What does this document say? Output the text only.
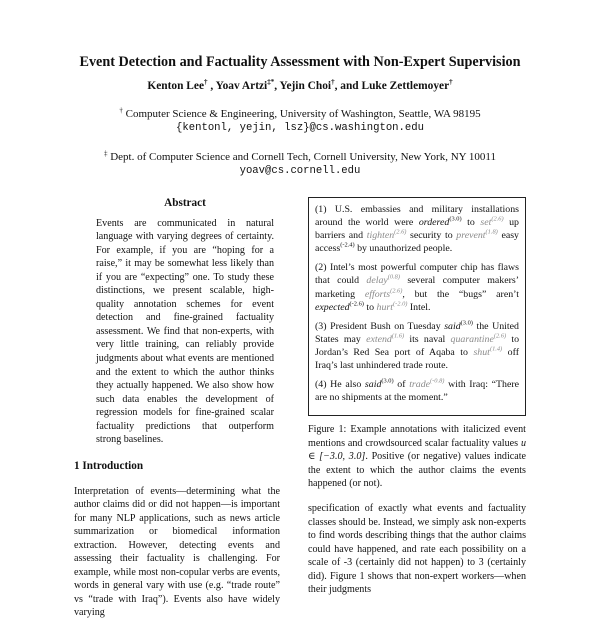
Event Detection and Factuality Assessment with Non-Expert Supervision
Kenton Lee† , Yoav Artzi‡*, Yejin Choi†, and Luke Zettlemoyer†
† Computer Science & Engineering, University of Washington, Seattle, WA 98195
{kentonl, yejin, lsz}@cs.washington.edu
‡ Dept. of Computer Science and Cornell Tech, Cornell University, New York, NY 10011
yoav@cs.cornell.edu
Abstract

Events are communicated in natural language with varying degrees of certainty. For example, if you are “hoping for a raise,” it may be somewhat less likely than if you are “expecting” one. To study these distinctions, we present scalable, high-quality annotation schemes for event detection and fine-grained factuality assessment. We find that non-experts, with very little training, can reliably provide judgments about what events are mentioned and the extent to which the author thinks they actually happened. We also show how such data enables the development of regression models for fine-grained scalar factuality predictions that outperform strong baselines.

1 Introduction

Interpretation of events—determining what the author claims did or did not happen—is important for many NLP applications, such as news article summarization or biomedical information extraction. However, detecting events and assessing their factuality is challenging. For example, while most non-copular verbs are events, words in general vary with use (e.g. “trade route” vs “trade with Iraq”). Events also have widely varying

(1) U.S. embassies and military installations around the world were ordered$^{(3.0)}$ to set$^{(2.6)}$ up barriers and tighten$^{(2.6)}$ security to prevent$^{(1.8)}$ easy access$^{(-2.4)}$ by unauthorized people.

(2) Intel’s most powerful computer chip has flaws that could delay$^{(0.8)}$ several computer makers’ marketing efforts$^{(2.6)}$, but the “bugs” aren’t expected$^{(-2.6)}$ to hurt$^{(-2.0)}$ Intel.

(3) President Bush on Tuesday said$^{(3.0)}$ the United States may extend$^{(1.6)}$ its naval quarantine$^{(2.6)}$ to Jordan’s Red Sea port of Aqaba to shut$^{(1.4)}$ off Iraq’s last unhindered trade route.

(4) He also said$^{(3.0)}$ of trade$^{(-0.8)}$ with Iraq: “There are no shipments at the moment.”

Figure 1: Example annotations with italicized event mentions and crowdsourced scalar factuality values u ∈ [−3.0, 3.0]. Positive (or negative) values indicate the extent to which the author claims the events happened (or not).

specification of exactly what events and factuality classes should be. Instead, we simply ask non-experts to find words describing things that the author claims could have happened, and rate each possibility on a scale of -3 (certainly did not happen) to 3 (certainly did). Figure 1 shows that non-expert workers—when their judgments
